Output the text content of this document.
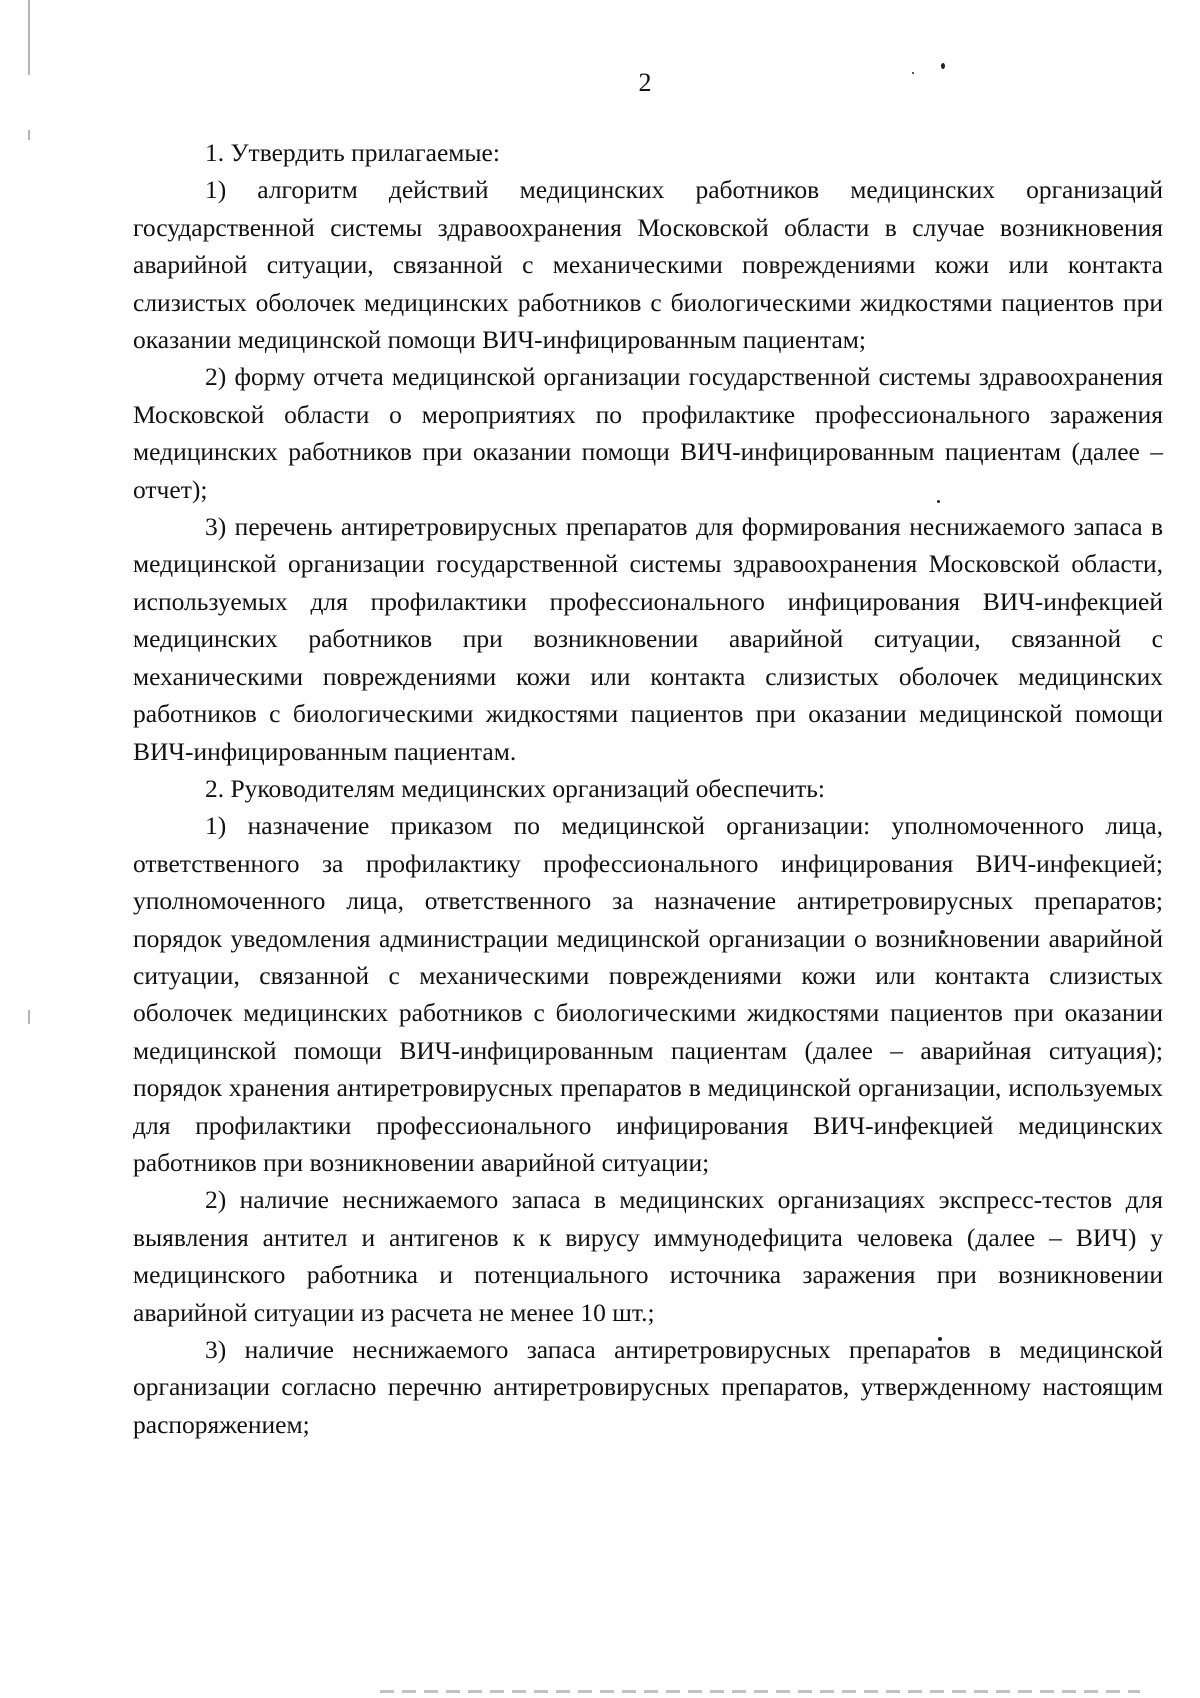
2

1. Утвердить прилагаемые:

1) алгоритм действий медицинских работников медицинских организаций государственной системы здравоохранения Московской области в случае возникновения аварийной ситуации, связанной с механическими повреждениями кожи или контакта слизистых оболочек медицинских работников с биологическими жидкостями пациентов при оказании медицинской помощи ВИЧ-инфицированным пациентам;

2) форму отчета медицинской организации государственной системы здравоохранения Московской области о мероприятиях по профилактике профессионального заражения медицинских работников при оказании помощи ВИЧ-инфицированным пациентам (далее – отчет);

3) перечень антиретровирусных препаратов для формирования неснижаемого запаса в медицинской организации государственной системы здравоохранения Московской области, используемых для профилактики профессионального инфицирования ВИЧ-инфекцией медицинских работников при возникновении аварийной ситуации, связанной с механическими повреждениями кожи или контакта слизистых оболочек медицинских работников с биологическими жидкостями пациентов при оказании медицинской помощи ВИЧ-инфицированным пациентам.

2. Руководителям медицинских организаций обеспечить:

1) назначение приказом по медицинской организации: уполномоченного лица, ответственного за профилактику профессионального инфицирования ВИЧ-инфекцией; уполномоченного лица, ответственного за назначение антиретровирусных препаратов; порядок уведомления администрации медицинской организации о возникновении аварийной ситуации, связанной с механическими повреждениями кожи или контакта слизистых оболочек медицинских работников с биологическими жидкостями пациентов при оказании медицинской помощи ВИЧ-инфицированным пациентам (далее – аварийная ситуация); порядок хранения антиретровирусных препаратов в медицинской организации, используемых для профилактики профессионального инфицирования ВИЧ-инфекцией медицинских работников при возникновении аварийной ситуации;

2) наличие неснижаемого запаса в медицинских организациях экспресс-тестов для выявления антител и антигенов к к вирусу иммунодефицита человека (далее – ВИЧ) у медицинского работника и потенциального источника заражения при возникновении аварийной ситуации из расчета не менее 10 шт.;

3) наличие неснижаемого запаса антиретровирусных препаратов в медицинской организации согласно перечню антиретровирусных препаратов, утвержденному настоящим распоряжением;
